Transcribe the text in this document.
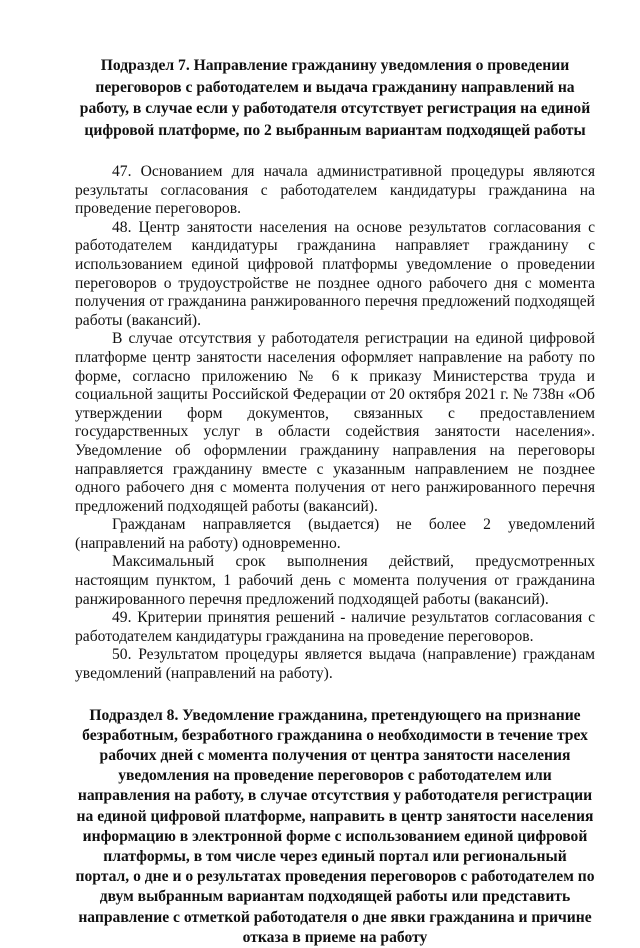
Подраздел 7. Направление гражданину уведомления о проведении переговоров с работодателем и выдача гражданину направлений на работу, в случае если у работодателя отсутствует регистрация на единой цифровой платформе, по 2 выбранным вариантам подходящей работы

47. Основанием для начала административной процедуры являются результаты согласования с работодателем кандидатуры гражданина на проведение переговоров.

48. Центр занятости населения на основе результатов согласования с работодателем кандидатуры гражданина направляет гражданину с использованием единой цифровой платформы уведомление о проведении переговоров о трудоустройстве не позднее одного рабочего дня с момента получения от гражданина ранжированного перечня предложений подходящей работы (вакансий).

В случае отсутствия у работодателя регистрации на единой цифровой платформе центр занятости населения оформляет направление на работу по форме, согласно приложению № 6 к приказу Министерства труда и социальной защиты Российской Федерации от 20 октября 2021 г. № 738н «Об утверждении форм документов, связанных с предоставлением государственных услуг в области содействия занятости населения». Уведомление об оформлении гражданину направления на переговоры направляется гражданину вместе с указанным направлением не позднее одного рабочего дня с момента получения от него ранжированного перечня предложений подходящей работы (вакансий).

Гражданам направляется (выдается) не более 2 уведомлений (направлений на работу) одновременно.

Максимальный срок выполнения действий, предусмотренных настоящим пунктом, 1 рабочий день с момента получения от гражданина ранжированного перечня предложений подходящей работы (вакансий).

49. Критерии принятия решений - наличие результатов согласования с работодателем кандидатуры гражданина на проведение переговоров.

50. Результатом процедуры является выдача (направление) гражданам уведомлений (направлений на работу).

Подраздел 8. Уведомление гражданина, претендующего на признание безработным, безработного гражданина о необходимости в течение трех рабочих дней с момента получения от центра занятости населения уведомления на проведение переговоров с работодателем или направления на работу, в случае отсутствия у работодателя регистрации на единой цифровой платформе, направить в центр занятости населения информацию в электронной форме с использованием единой цифровой платформы, в том числе через единый портал или региональный портал, о дне и о результатах проведения переговоров с работодателем по двум выбранным вариантам подходящей работы или представить направление с отметкой работодателя о дне явки гражданина и причине отказа в приеме на работу
